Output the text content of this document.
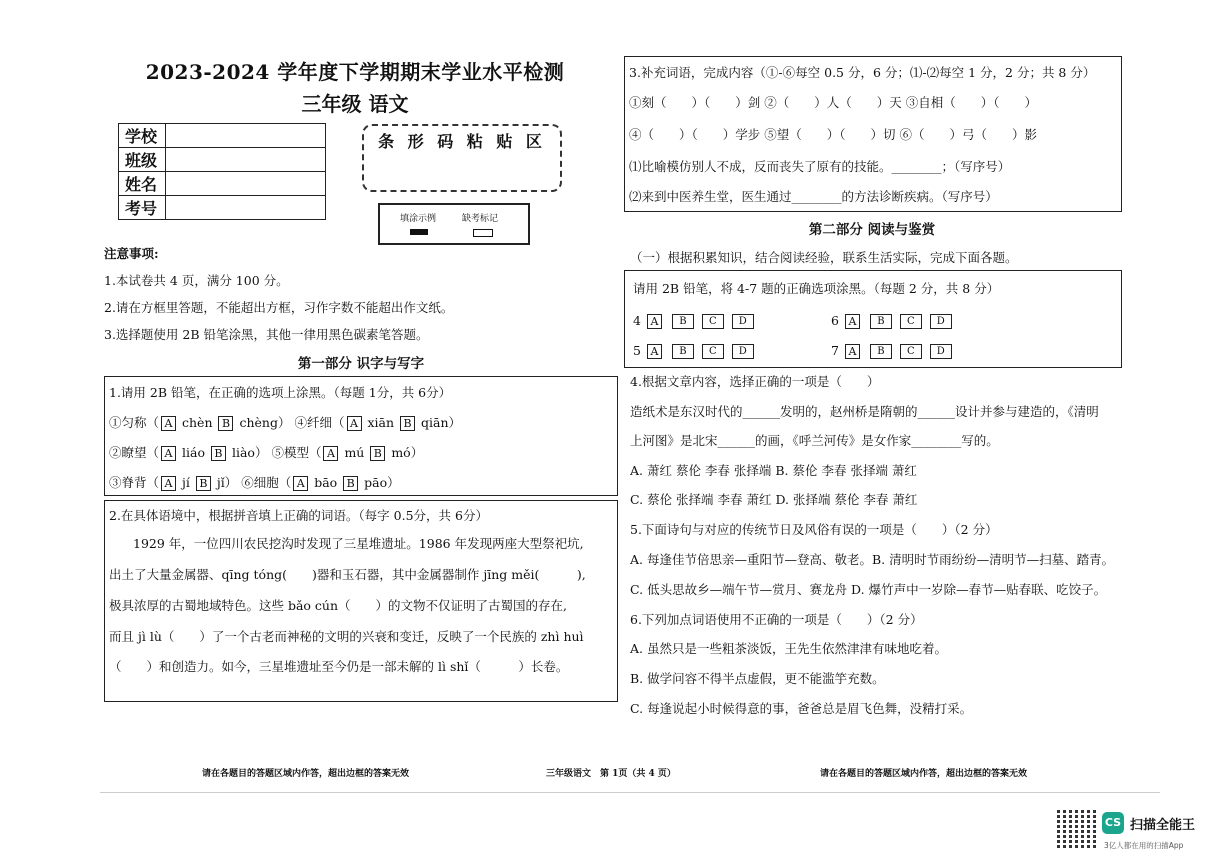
2023-2024 学年度下学期期末学业水平检测
三年级 语文
学校	
班级	
姓名	
考号	
条 形 码 粘 贴 区
填涂示例	缺考标记
注意事项:
1.本试卷共 4 页，满分 100 分。
2.请在方框里答题，不能超出方框，习作字数不能超出作文纸。
3.选择题使用 2B 铅笔涂黑，其他一律用黑色碳素笔答题。
第一部分 识字与写字
1.请用 2B 铅笔，在正确的选项上涂黑。（每题 1分，共 6分）
①匀称（ A chèn B chèng） ④纤细（ A xiān B qiān）
②瞭望（ A liáo B liào） ⑤模型（ A mú B mó）
③脊背（ A jí B jǐ） ⑥细胞（ A bāo B pāo）
2.在具体语境中，根据拼音填上正确的词语。（每字 0.5分，共 6分）
1929 年，一位四川农民挖沟时发现了三星堆遗址。1986 年发现两座大型祭祀坑,
出土了大量金属器、qīng tóng(　　)器和玉石器，其中金属器制作 jīng měi(　　　),
极具浓厚的古蜀地域特色。这些 bǎo cún（　　）的文物不仅证明了古蜀国的存在,
而且 jì lù（　　）了一个古老而神秘的文明的兴衰和变迁，反映了一个民族的 zhì huì
（　　）和创造力。如今，三星堆遗址至今仍是一部未解的 lì shǐ（　　　）长卷。
3.补充词语，完成内容（①-⑥每空 0.5 分，6 分；⑴-⑵每空 1 分，2 分；共 8 分）
①刻（　　）（　　）剑 ②（　　）人（　　）天 ③自相（　　）（　　）
④（　　）（　　）学步 ⑤望（　　）（　　）切 ⑥（　　）弓（　　）影
⑴比喻模仿别人不成，反而丧失了原有的技能。________；（写序号）
⑵来到中医养生堂，医生通过________的方法诊断疾病。（写序号）
第二部分 阅读与鉴赏
（一）根据积累知识，结合阅读经验，联系生活实际，完成下面各题。
请用 2B 铅笔，将 4-7 题的正确选项涂黑。（每题 2 分，共 8 分）
4 A B C D	6 A B C D
5 A B C D	7 A B C D
4.根据文章内容，选择正确的一项是（　　）
造纸术是东汉时代的______发明的，赵州桥是隋朝的______设计并参与建造的，《清明
上河图》是北宋______的画，《呼兰河传》是女作家________写的。
A. 萧红 蔡伦 李春 张择端 B. 蔡伦 李春 张择端 萧红
C. 蔡伦 张择端 李春 萧红 D. 张择端 蔡伦 李春 萧红
5.下面诗句与对应的传统节日及风俗有误的一项是（　　）（2 分）
A. 每逢佳节倍思亲—重阳节—登高、敬老。B. 清明时节雨纷纷—清明节—扫墓、踏青。
C. 低头思故乡—端午节—赏月、赛龙舟 D. 爆竹声中一岁除—春节—贴春联、吃饺子。
6.下列加点词语使用不正确的一项是（　　）（2 分）
A. 虽然只是一些粗茶淡饭，王先生依然津津有味地吃着。
B. 做学问容不得半点虚假，更不能滥竽充数。
C. 每逢说起小时候得意的事，爸爸总是眉飞色舞，没精打采。
请在各题目的答题区域内作答，超出边框的答案无效	三年级语文　第 1页（共 4 页）	请在各题目的答题区域内作答，超出边框的答案无效
CS 扫描全能王
3亿人都在用的扫描App
